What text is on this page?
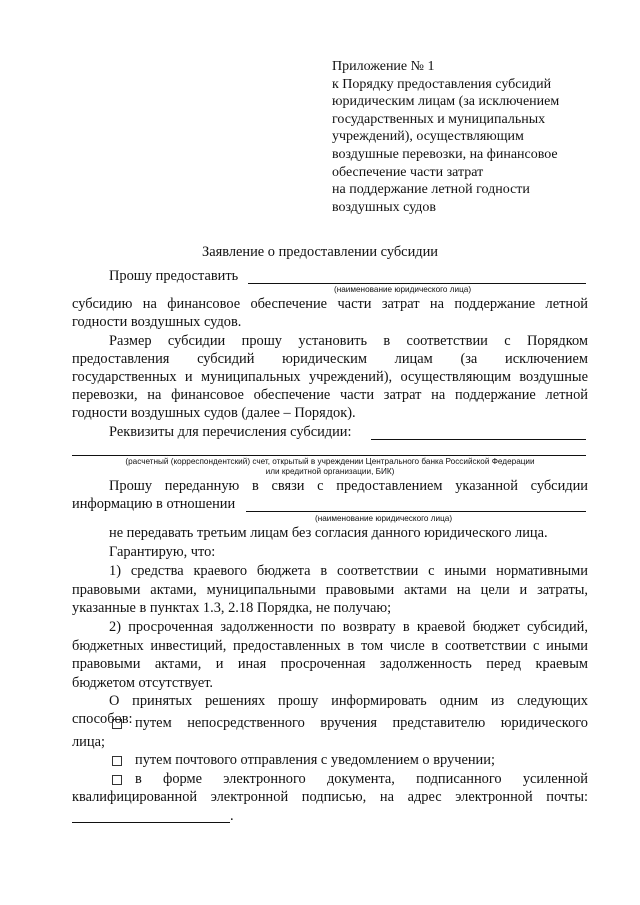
Приложение № 1
к Порядку предоставления субсидий
юридическим лицам (за исключением
государственных и муниципальных
учреждений), осуществляющим
воздушные перевозки, на финансовое
обеспечение части затрат
на поддержание летной годности
воздушных судов
Заявление о предоставлении субсидии
Прошу предоставить
(наименование юридического лица)
субсидию на финансовое обеспечение части затрат на поддержание летной
годности воздушных судов.
Размер субсидии прошу установить в соответствии с Порядком
предоставления субсидий юридическим лицам (за исключением
государственных и муниципальных учреждений), осуществляющим воздушные
перевозки, на финансовое обеспечение части затрат на поддержание летной
годности воздушных судов (далее – Порядок).
Реквизиты для перечисления субсидии:
(расчетный (корреспондентский) счет, открытый в учреждении Центрального банка Российской Федерации
или кредитной организации, БИК)
Прошу переданную в связи с предоставлением указанной субсидии
информацию в отношении
(наименование юридического лица)
не передавать третьим лицам без согласия данного юридического лица.
Гарантирую, что:
1) средства краевого бюджета в соответствии с иными нормативными
правовыми актами, муниципальными правовыми актами на цели и затраты,
указанные в пунктах 1.3, 2.18 Порядка, не получаю;
2) просроченная задолженности по возврату в краевой бюджет субсидий,
бюджетных инвестиций, предоставленных в том числе в соответствии с иными
правовыми актами, и иная просроченная задолженность перед краевым
бюджетом отсутствует.
О принятых решениях прошу информировать одним из следующих
способов: путем непосредственного вручения представителю юридического
лица;
путем почтового отправления с уведомлением о вручении;
в форме электронного документа, подписанного усиленной
квалифицированной электронной подписью, на адрес электронной почты:
.
